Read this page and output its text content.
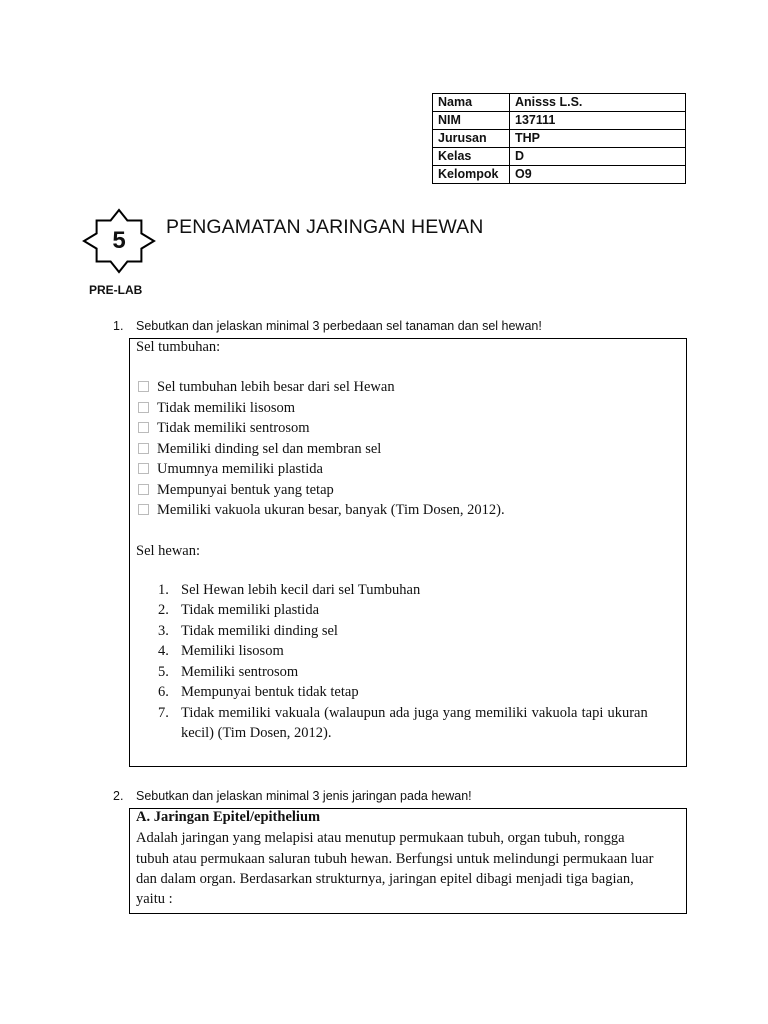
Nama	Anisss L.S.
NIM	137111
Jurusan	THP
Kelas	D
Kelompok	O9
5	PENGAMATAN JARINGAN HEWAN
PRE-LAB
1. Sebutkan dan jelaskan minimal 3 perbedaan sel tanaman dan sel hewan!
Sel tumbuhan:
Sel tumbuhan lebih besar dari sel Hewan
Tidak memiliki lisosom
Tidak memiliki sentrosom
Memiliki dinding sel dan membran sel
Umumnya memiliki plastida
Mempunyai bentuk yang tetap
Memiliki vakuola ukuran besar, banyak (Tim Dosen, 2012).
Sel hewan:
1. Sel Hewan lebih kecil dari sel Tumbuhan
2. Tidak memiliki plastida
3. Tidak memiliki dinding sel
4. Memiliki lisosom
5. Memiliki sentrosom
6. Mempunyai bentuk tidak tetap
7. Tidak memiliki vakuala (walaupun ada juga yang memiliki vakuola tapi ukuran
kecil) (Tim Dosen, 2012).
2. Sebutkan dan jelaskan minimal 3 jenis jaringan pada hewan!
A. Jaringan Epitel/epithelium
Adalah jaringan yang melapisi atau menutup permukaan tubuh, organ tubuh, rongga
tubuh atau permukaan saluran tubuh hewan. Berfungsi untuk melindungi permukaan luar
dan dalam organ. Berdasarkan strukturnya, jaringan epitel dibagi menjadi tiga bagian,
yaitu :
